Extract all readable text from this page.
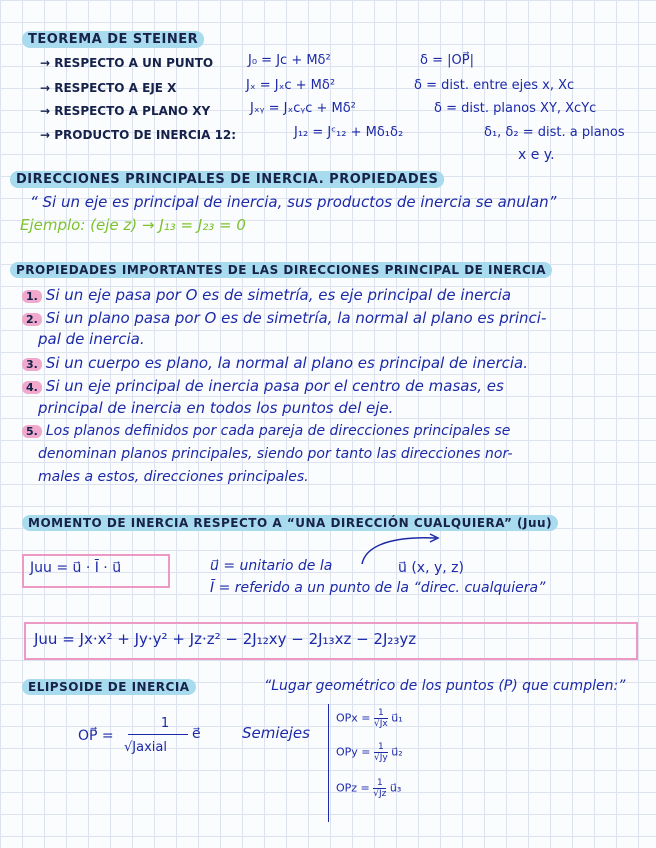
TEOREMA DE STEINER
→ RESPECTO A UN PUNTO	J₀ = Jᴄ + Mδ²	δ = |OP⃗|
→ RESPECTO A EJE X	Jₓ = Jₓc + Mδ²	δ = dist. entre ejes x, Xc
→ RESPECTO A PLANO XY	Jₓᵧ = Jₓcᵧc + Mδ²	δ = dist. planos XY, XcYc
→ PRODUCTO DE INERCIA 12:	J₁₂ = Jᶜ₁₂ + Mδ₁δ₂	δ₁, δ₂ = dist. a planos
x e y.
DIRECCIONES PRINCIPALES DE INERCIA. PROPIEDADES
“ Si un eje es principal de inercia, sus productos de inercia se anulan”
Ejemplo: (eje z) → J₁₃ = J₂₃ = 0
PROPIEDADES IMPORTANTES DE LAS DIRECCIONES PRINCIPAL DE INERCIA
1. Si un eje pasa por O es de simetría, es eje principal de inercia
2. Si un plano pasa por O es de simetría, la normal al plano es princi-
pal de inercia.
3. Si un cuerpo es plano, la normal al plano es principal de inercia.
4. Si un eje principal de inercia pasa por el centro de masas, es
principal de inercia en todos los puntos del eje.
5. Los planos definidos por cada pareja de direcciones principales se
denominan planos principales, siendo por tanto las direcciones nor-
males a estos, direcciones principales.
MOMENTO DE INERCIA RESPECTO A “UNA DIRECCIÓN CUALQUIERA” (Juu)
Juu = u⃗ · Ī · u⃗	u⃗ = unitario de la	u⃗ (x, y, z)
Ī = referido a un punto de la “direc. cualquiera”
Juu = Jx·x² + Jy·y² + Jz·z² − 2J₁₂xy − 2J₁₃xz − 2J₂₃yz
ELIPSOIDE DE INERCIA	“Lugar geométrico de los puntos (P) que cumplen:”
OP⃗ =
1
√Jaxial
e⃗	Semiejes
OPx = $\frac{1}{√Jx}$ u⃗₁
OPy = $\frac{1}{√Jy}$ u⃗₂
OPz = $\frac{1}{√Jz}$ u⃗₃
